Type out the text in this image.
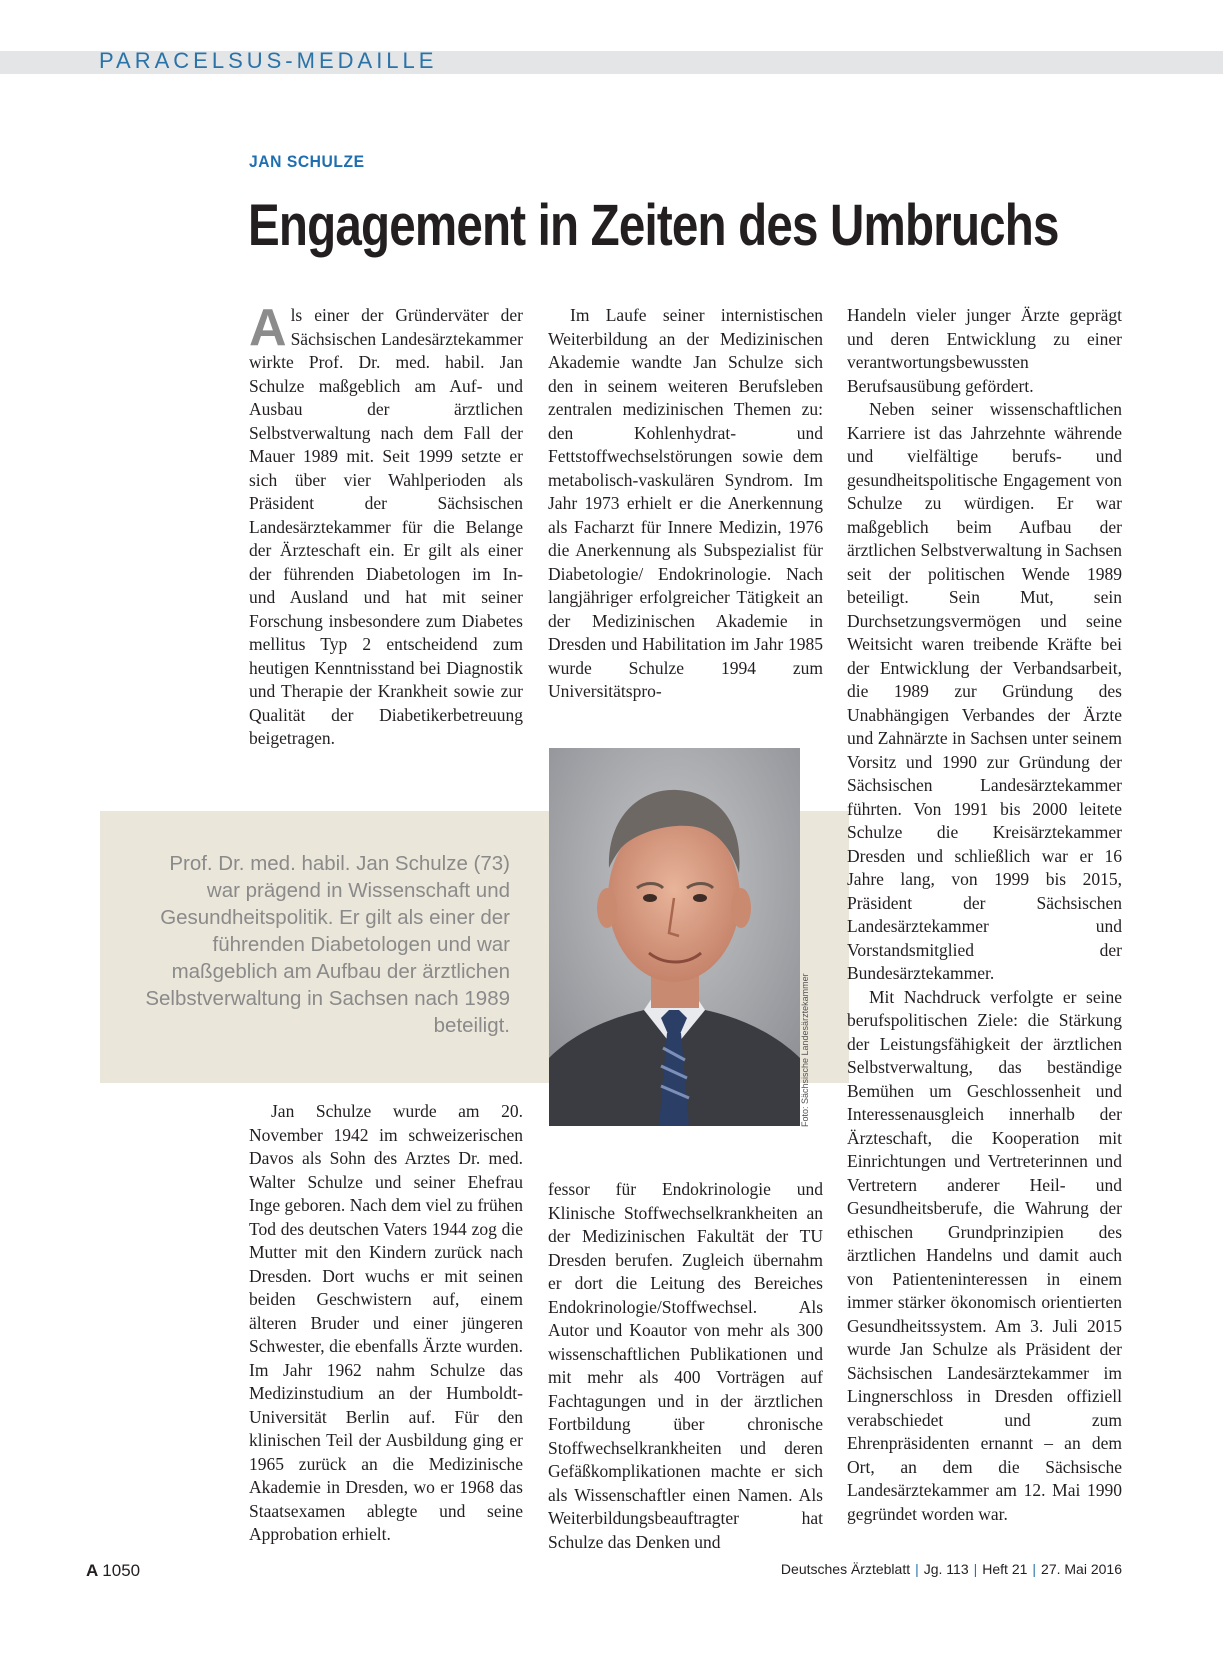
PARACELSUS-MEDAILLE
JAN SCHULZE
Engagement in Zeiten des Umbruchs
Prof. Dr. med. habil. Jan Schulze (73) war prägend in Wissenschaft und Gesundheitspolitik. Er gilt als einer der führenden Diabetologen und war maßgeblich am Aufbau der ärztlichen Selbstverwaltung in Sachsen nach 1989 beteiligt.

Als einer der Gründerväter der Sächsischen Landesärztekammer wirkte Prof. Dr. med. habil. Jan Schulze maßgeblich am Auf- und Ausbau der ärztlichen Selbstverwaltung nach dem Fall der Mauer 1989 mit. Seit 1999 setzte er sich über vier Wahlperioden als Präsident der Sächsischen Landesärztekammer für die Belange der Ärzteschaft ein. Er gilt als einer der führenden Diabetologen im In- und Ausland und hat mit seiner Forschung insbesondere zum Diabetes mellitus Typ 2 entscheidend zum heutigen Kenntnisstand bei Diagnostik und Therapie der Krankheit sowie zur Qualität der Diabetikerbetreuung beigetragen.

Jan Schulze wurde am 20. November 1942 im schweizerischen Davos als Sohn des Arztes Dr. med. Walter Schulze und seiner Ehefrau Inge geboren. Nach dem viel zu frühen Tod des deutschen Vaters 1944 zog die Mutter mit den Kindern zurück nach Dresden. Dort wuchs er mit seinen beiden Geschwistern auf, einem älteren Bruder und einer jüngeren Schwester, die ebenfalls Ärzte wurden. Im Jahr 1962 nahm Schulze das Medizinstudium an der Humboldt-Universität Berlin auf. Für den klinischen Teil der Ausbildung ging er 1965 zurück an die Medizinische Akademie in Dresden, wo er 1968 das Staatsexamen ablegte und seine Approbation erhielt.

Im Laufe seiner internistischen Weiterbildung an der Medizinischen Akademie wandte Jan Schulze sich den in seinem weiteren Berufsleben zentralen medizinischen Themen zu: den Kohlenhydrat- und Fettstoffwechselstörungen sowie dem metabolisch-vaskulären Syndrom. Im Jahr 1973 erhielt er die Anerkennung als Facharzt für Innere Medizin, 1976 die Anerkennung als Subspezialist für Diabetologie/ Endokrinologie. Nach langjähriger erfolgreicher Tätigkeit an der Medizinischen Akademie in Dresden und Habilitation im Jahr 1985 wurde Schulze 1994 zum Universitätspro-

Foto: Sächsische Landesärztekammer

fessor für Endokrinologie und Klinische Stoffwechselkrankheiten an der Medizinischen Fakultät der TU Dresden berufen. Zugleich übernahm er dort die Leitung des Bereiches Endokrinologie/Stoffwechsel. Als Autor und Koautor von mehr als 300 wissenschaftlichen Publikationen und mit mehr als 400 Vorträgen auf Fachtagungen und in der ärztlichen Fortbildung über chronische Stoffwechselkrankheiten und deren Gefäßkomplikationen machte er sich als Wissenschaftler einen Namen. Als Weiterbildungsbeauftragter hat Schulze das Denken und

Handeln vieler junger Ärzte geprägt und deren Entwicklung zu einer verantwortungsbewussten Berufsausübung gefördert.

Neben seiner wissenschaftlichen Karriere ist das Jahrzehnte währende und vielfältige berufs- und gesundheitspolitische Engagement von Schulze zu würdigen. Er war maßgeblich beim Aufbau der ärztlichen Selbstverwaltung in Sachsen seit der politischen Wende 1989 beteiligt. Sein Mut, sein Durchsetzungsvermögen und seine Weitsicht waren treibende Kräfte bei der Entwicklung der Verbandsarbeit, die 1989 zur Gründung des Unabhängigen Verbandes der Ärzte und Zahnärzte in Sachsen unter seinem Vorsitz und 1990 zur Gründung der Sächsischen Landesärztekammer führten. Von 1991 bis 2000 leitete Schulze die Kreisärztekammer Dresden und schließlich war er 16 Jahre lang, von 1999 bis 2015, Präsident der Sächsischen Landesärztekammer und Vorstandsmitglied der Bundesärztekammer.

Mit Nachdruck verfolgte er seine berufspolitischen Ziele: die Stärkung der Leistungsfähigkeit der ärztlichen Selbstverwaltung, das beständige Bemühen um Geschlossenheit und Interessenausgleich innerhalb der Ärzteschaft, die Kooperation mit Einrichtungen und Vertreterinnen und Vertretern anderer Heil- und Gesundheitsberufe, die Wahrung der ethischen Grundprinzipien des ärztlichen Handelns und damit auch von Patienteninteressen in einem immer stärker ökonomisch orientierten Gesundheitssystem. Am 3. Juli 2015 wurde Jan Schulze als Präsident der Sächsischen Landesärztekammer im Lingnerschloss in Dresden offiziell verabschiedet und zum Ehrenpräsidenten ernannt – an dem Ort, an dem die Sächsische Landesärztekammer am 12. Mai 1990 gegründet worden war.

A 1050	Deutsches Ärzteblatt | Jg. 113 | Heft 21 | 27. Mai 2016
